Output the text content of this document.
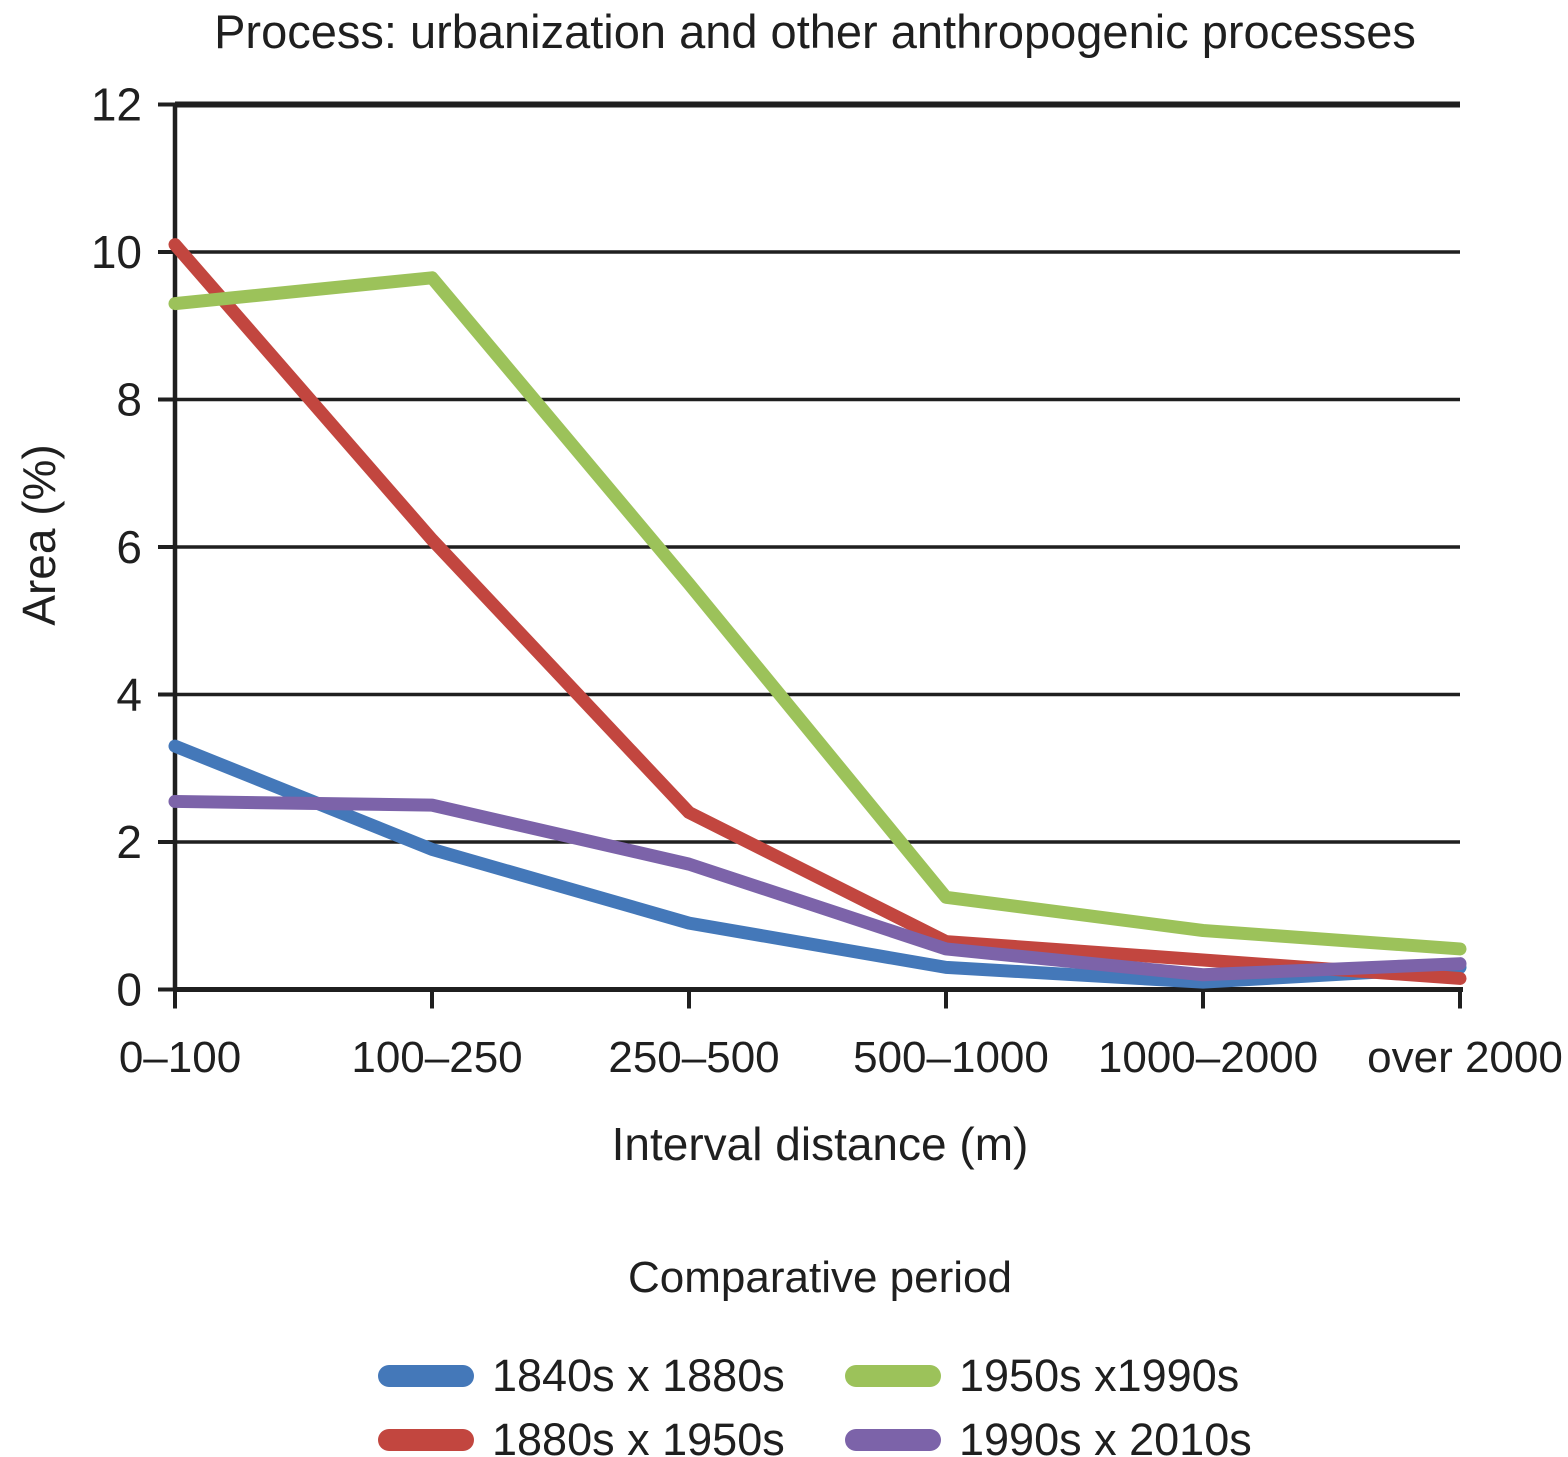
0
2
4
6
8
10
12
0–100	100–250 250–500 500–1000 1000–2000 over 2000
Process: urbanization and other anthropogenic processes
Area (%)
Interval distance (m)
Comparative period
1840s x 1880s	1950s x1990s
1880s x 1950s	1990s x 2010s
